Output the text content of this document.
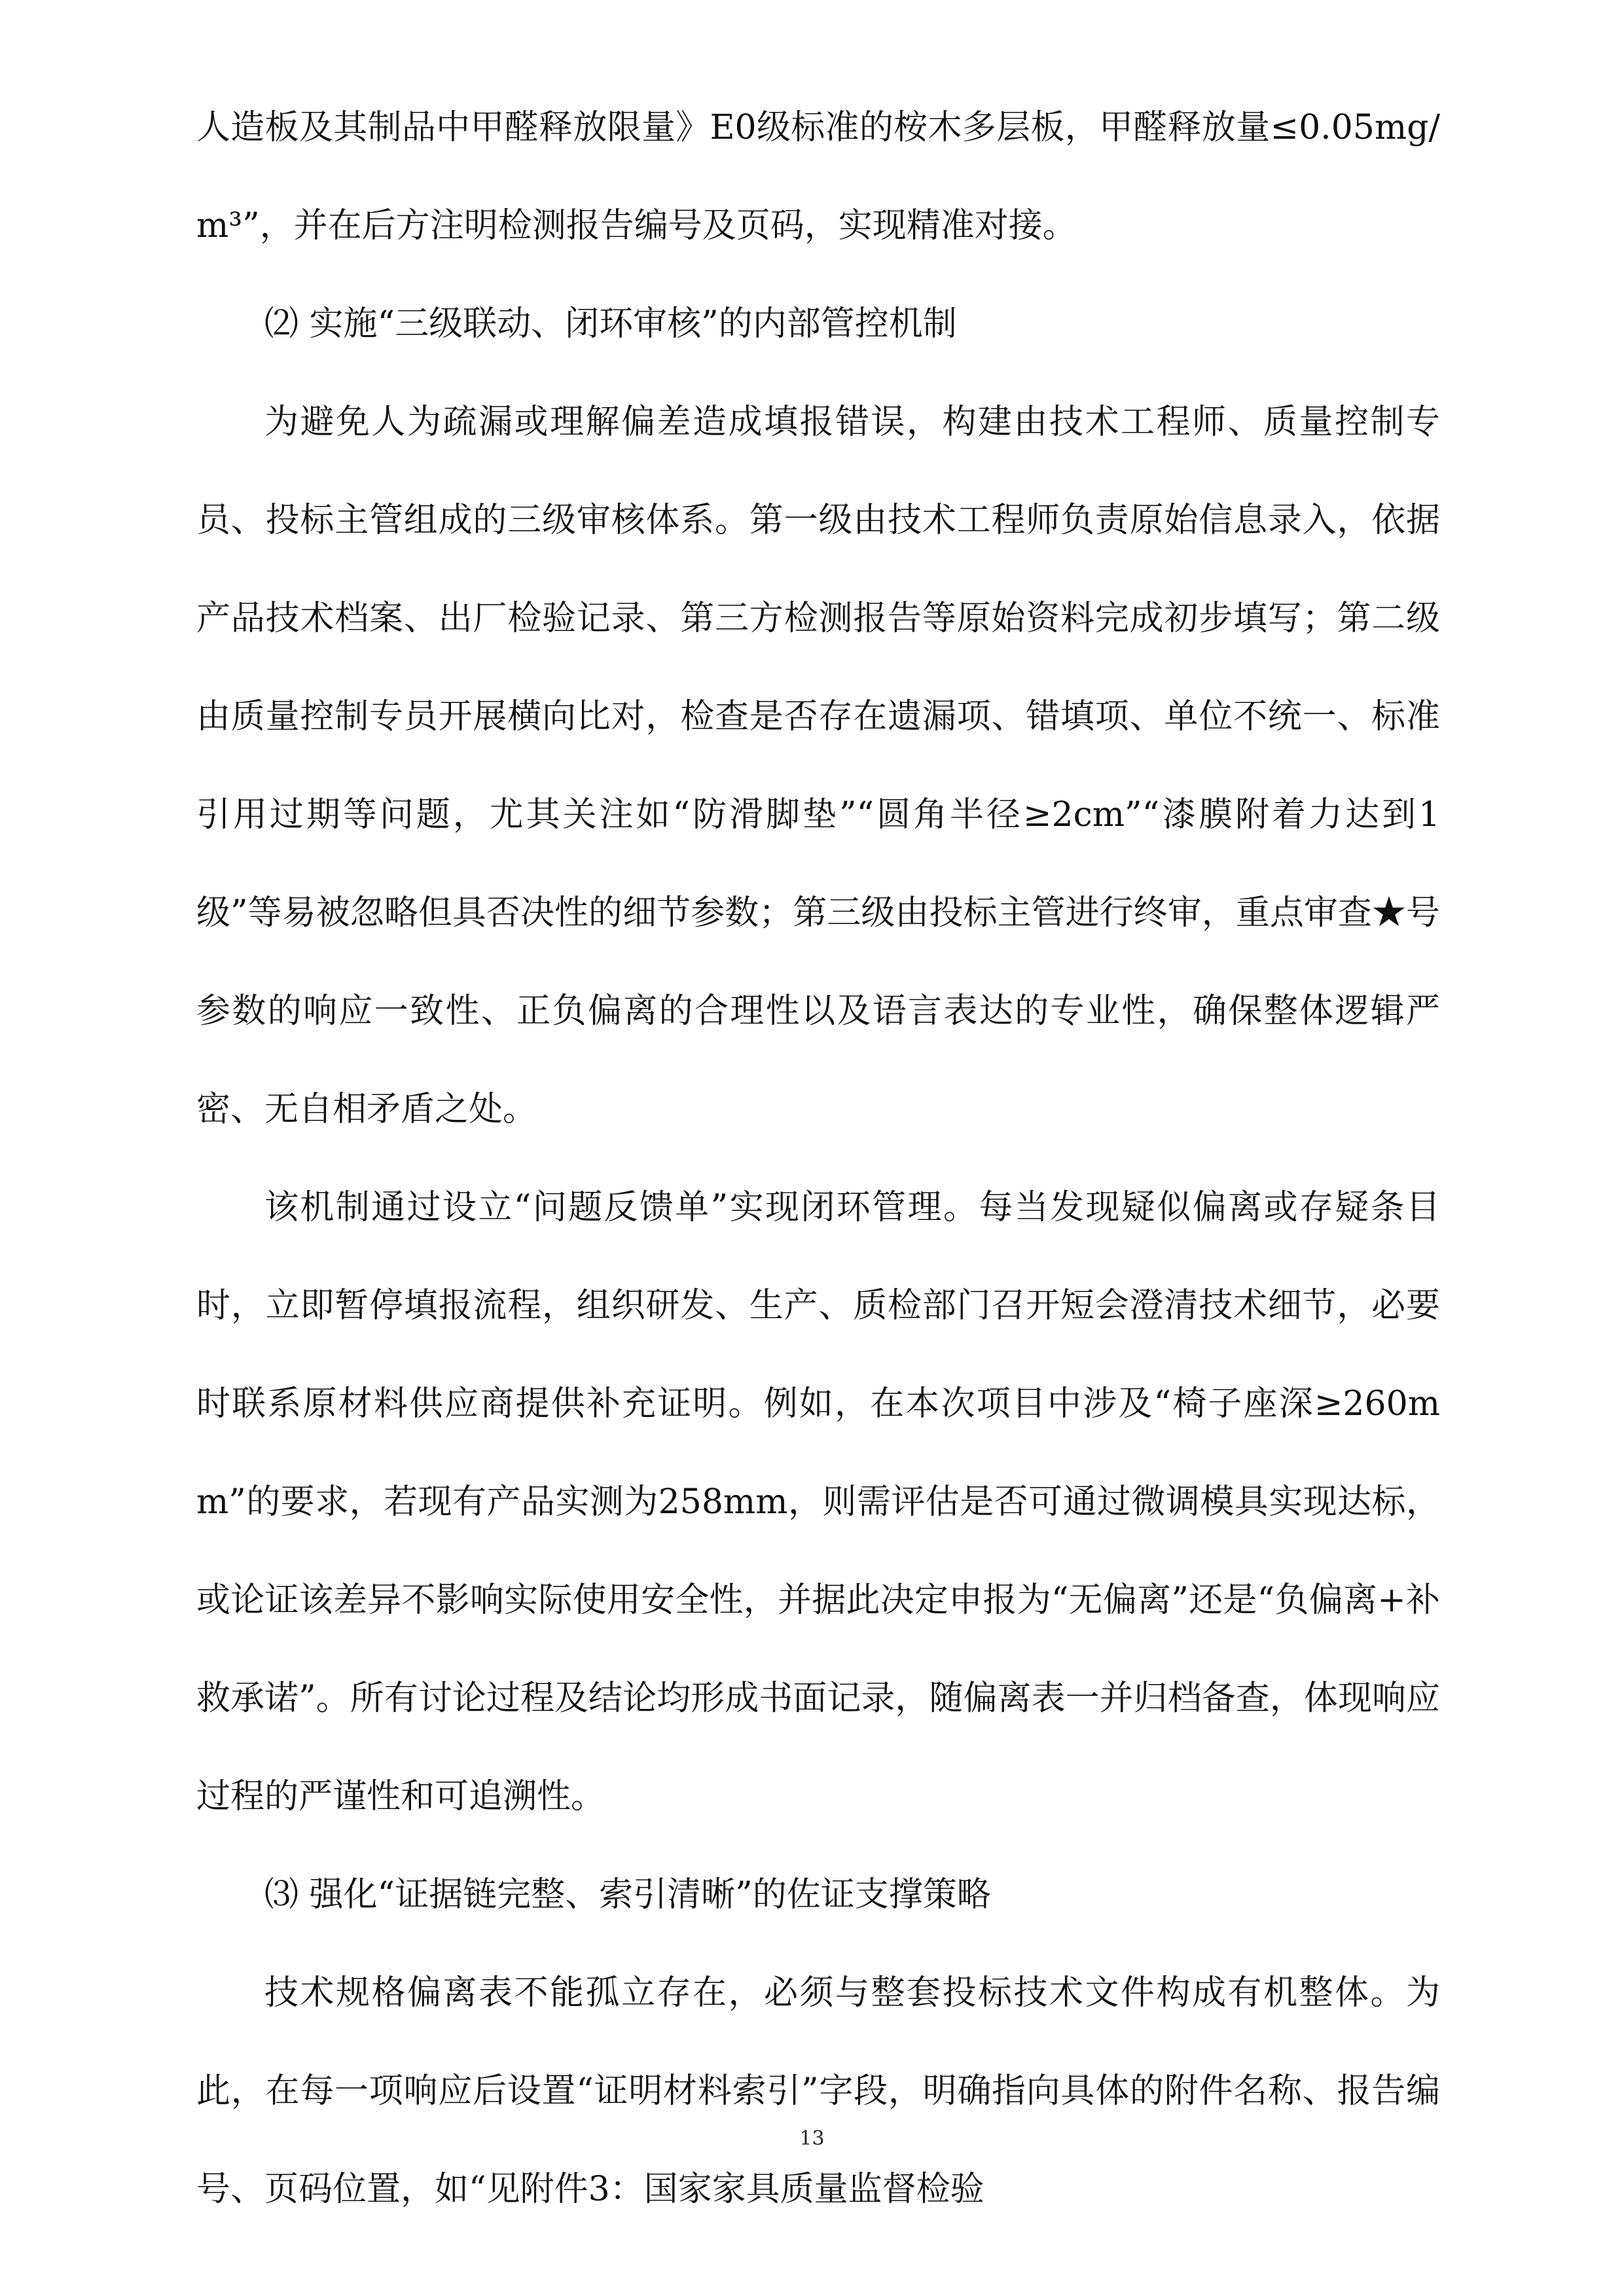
人造板及其制品中甲醛释放限量》E0级标准的桉木多层板，甲醛释放量≤0.05mg/m³”，并在后方注明检测报告编号及页码，实现精准对接。

⑵ 实施“三级联动、闭环审核”的内部管控机制

为避免人为疏漏或理解偏差造成填报错误，构建由技术工程师、质量控制专员、投标主管组成的三级审核体系。第一级由技术工程师负责原始信息录入，依据产品技术档案、出厂检验记录、第三方检测报告等原始资料完成初步填写；第二级由质量控制专员开展横向比对，检查是否存在遗漏项、错填项、单位不统一、标准引用过期等问题，尤其关注如“防滑脚垫”“圆角半径≥2cm”“漆膜附着力达到1级”等易被忽略但具否决性的细节参数；第三级由投标主管进行终审，重点审查★号参数的响应一致性、正负偏离的合理性以及语言表达的专业性，确保整体逻辑严密、无自相矛盾之处。

该机制通过设立“问题反馈单”实现闭环管理。每当发现疑似偏离或存疑条目时，立即暂停填报流程，组织研发、生产、质检部门召开短会澄清技术细节，必要时联系原材料供应商提供补充证明。例如，在本次项目中涉及“椅子座深≥260mm”的要求，若现有产品实测为258mm，则需评估是否可通过微调模具实现达标，或论证该差异不影响实际使用安全性，并据此决定申报为“无偏离”还是“负偏离+补救承诺”。所有讨论过程及结论均形成书面记录，随偏离表一并归档备查，体现响应过程的严谨性和可追溯性。

⑶ 强化“证据链完整、索引清晰”的佐证支撑策略

技术规格偏离表不能孤立存在，必须与整套投标技术文件构成有机整体。为此，在每一项响应后设置“证明材料索引”字段，明确指向具体的附件名称、报告编号、页码位置，如“见附件3：国家家具质量监督检验

13
